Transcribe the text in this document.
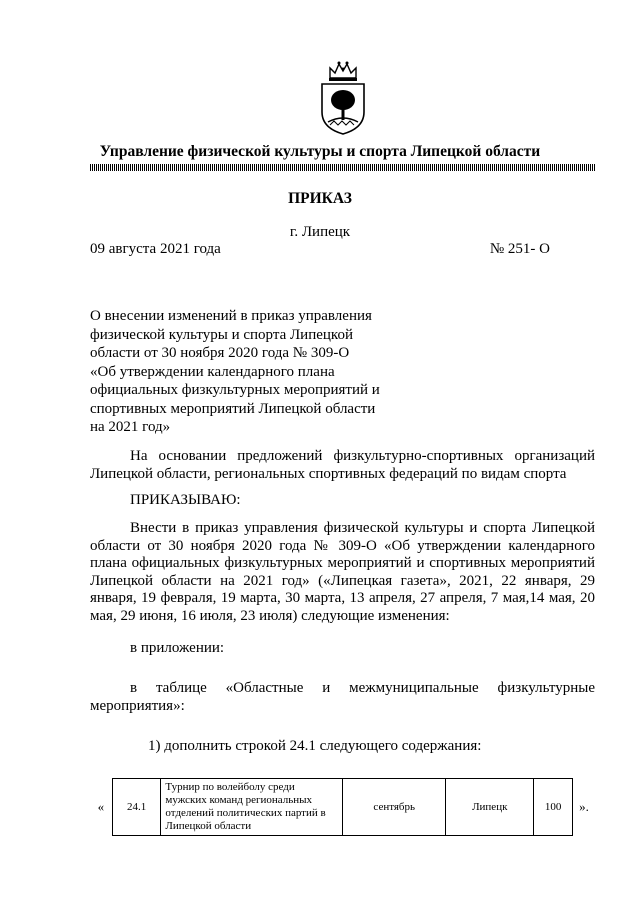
Управление физической культуры и спорта Липецкой области
ПРИКАЗ
г. Липецк
09 августа 2021 года	№ 251- О
О внесении изменений в приказ управления
физической культуры и спорта Липецкой
области от 30 ноября 2020 года № 309-О
«Об утверждении календарного плана
официальных физкультурных мероприятий и
спортивных мероприятий Липецкой области
на 2021 год»
На основании предложений физкультурно-спортивных организаций Липецкой области, региональных спортивных федераций по видам спорта
ПРИКАЗЫВАЮ:
Внести в приказ управления физической культуры и спорта Липецкой области от 30 ноября 2020 года № 309-О «Об утверждении календарного плана официальных физкультурных мероприятий и спортивных мероприятий Липецкой области на 2021 год» («Липецкая газета», 2021, 22 января, 29 января, 19 февраля, 19 марта, 30 марта, 13 апреля, 27 апреля, 7 мая,14 мая, 20 мая, 29 июня, 16 июля, 23 июля) следующие изменения:
в приложении:
в таблице «Областные и межмуниципальные физкультурные мероприятия»:
1) дополнить строкой 24.1 следующего содержания:
«	24.1	Турнир по волейболу среди мужских команд региональных отделений политических партий в Липецкой области	сентябрь	Липецк	100	».
